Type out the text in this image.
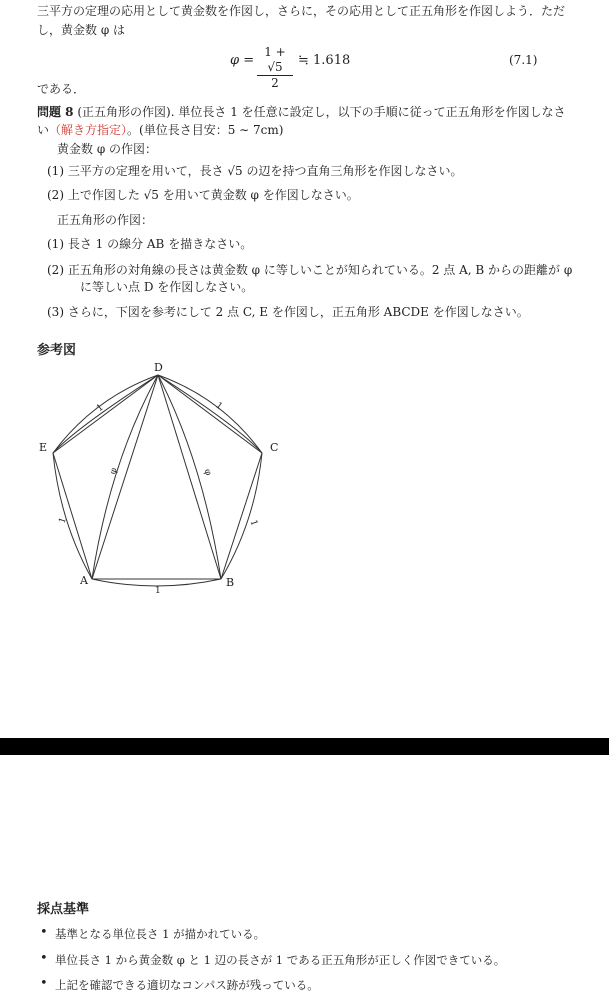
三平方の定理の応用として黄金数を作図し，さらに，その応用として正五角形を作図しよう．ただ
し，黄金数 φ は
φ =
1 + √5
2
≒ 1.618	(7.1)
である．
問題 8 (正五角形の作図). 単位長さ 1 を任意に設定し，以下の手順に従って正五角形を作図しなさ
い（解き方指定）。(単位長さ目安：5 ∼ 7cm)
黄金数 φ の作図：
(1) 三平方の定理を用いて，長さ √5 の辺を持つ直角三角形を作図しなさい。
(2) 上で作図した √5 を用いて黄金数 φ を作図しなさい。
正五角形の作図：
(1) 長さ 1 の線分 AB を描きなさい。
(2) 正五角形の対角線の長さは黄金数 φ に等しいことが知られている。2 点 A, B からの距離が φ
に等しい点 D を作図しなさい。
(3) さらに，下図を参考にして 2 点 C, E を作図し，正五角形 ABCDE を作図しなさい。
参考図
A	B
C
D
E
1
1
1
1
1
φ	φ
採点基準
• 基準となる単位長さ 1 が描かれている。
• 単位長さ 1 から黄金数 φ と 1 辺の長さが 1 である正五角形が正しく作図できている。
• 上記を確認できる適切なコンパス跡が残っている。
